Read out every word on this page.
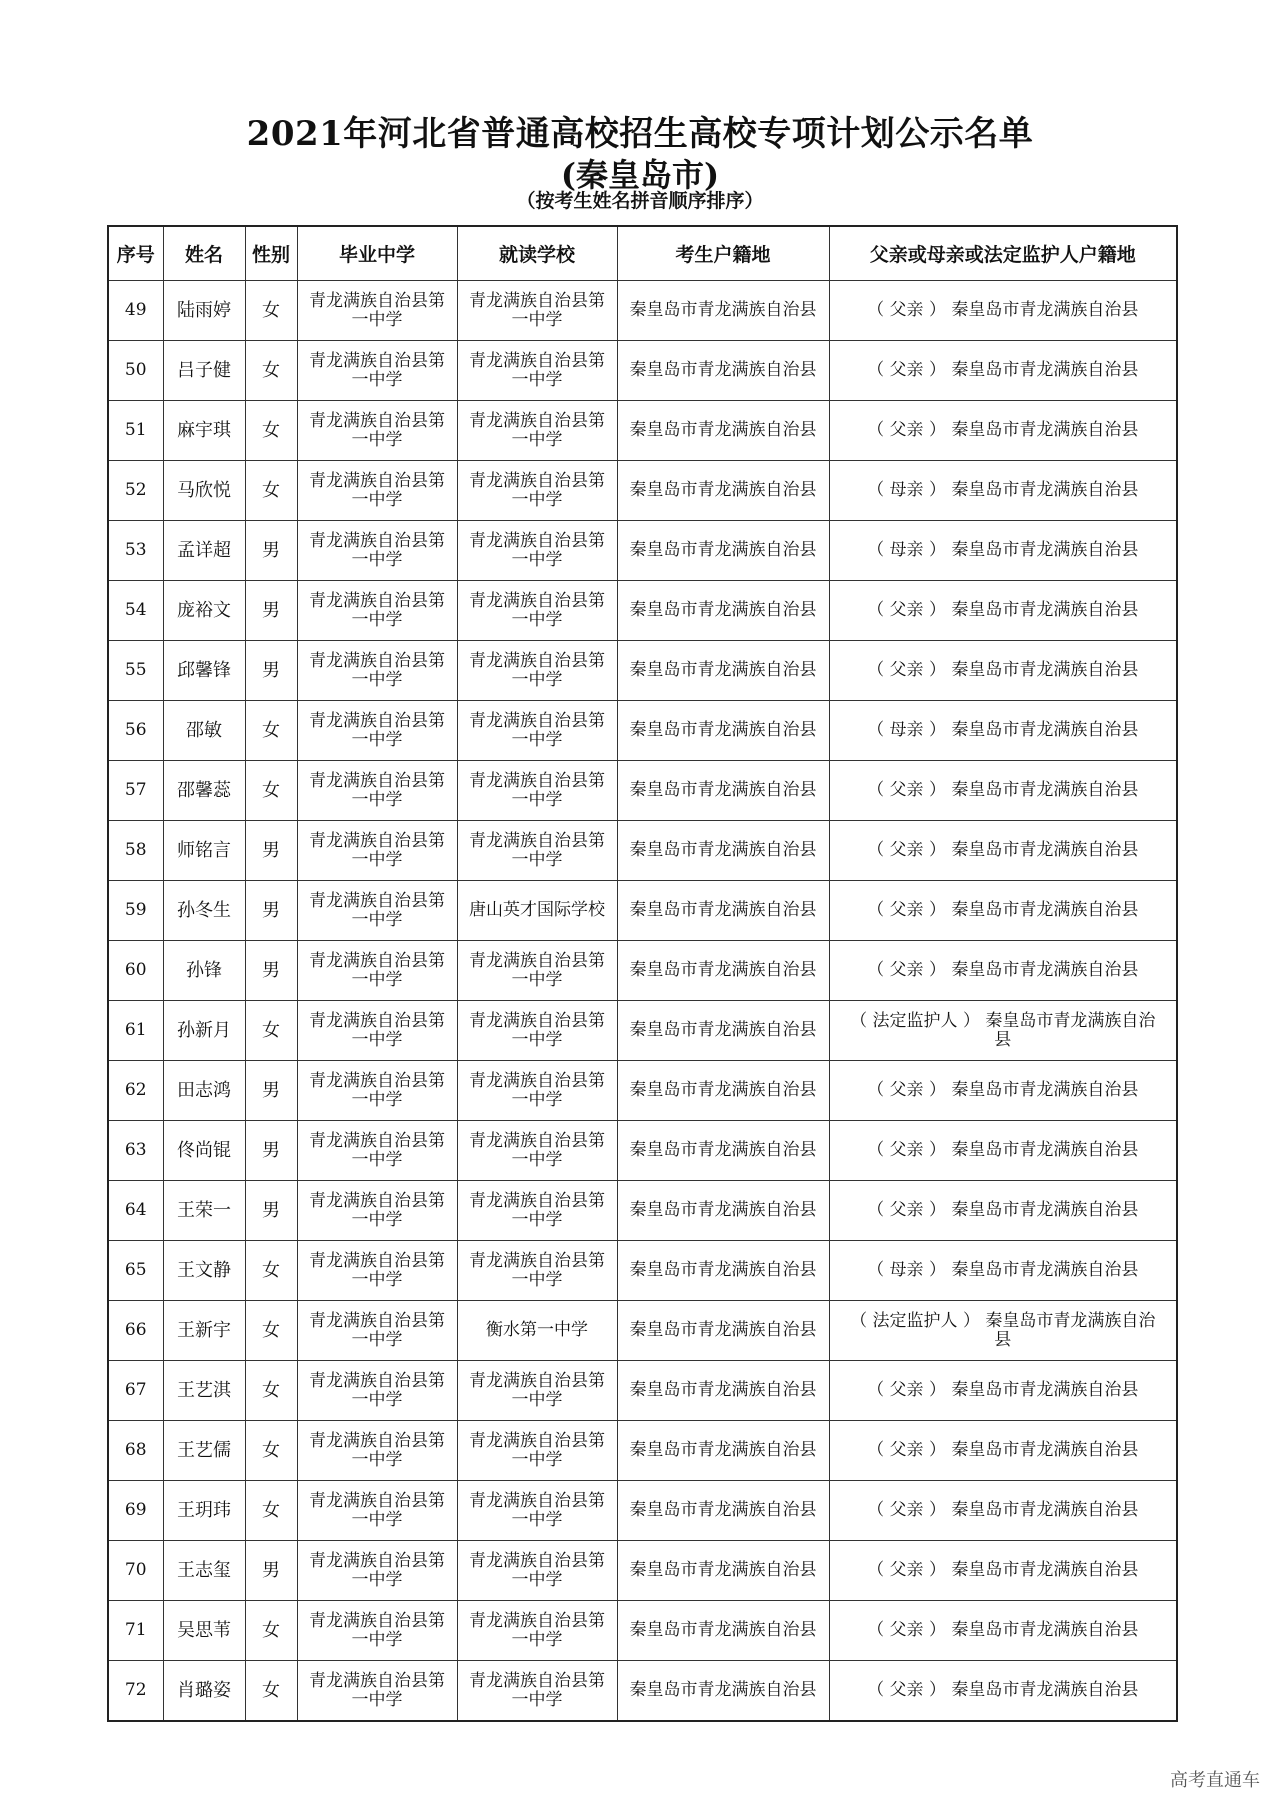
2021年河北省普通高校招生高校专项计划公示名单
(秦皇岛市)
（按考生姓名拼音顺序排序）
序号	姓名	性别	毕业中学	就读学校	考生户籍地	父亲或母亲或法定监护人户籍地
49	陆雨婷	女	青龙满族自治县第一中学	青龙满族自治县第一中学	秦皇岛市青龙满族自治县	（ 父亲 ） 秦皇岛市青龙满族自治县
50	吕子健	女	青龙满族自治县第一中学	青龙满族自治县第一中学	秦皇岛市青龙满族自治县	（ 父亲 ） 秦皇岛市青龙满族自治县
51	麻宇琪	女	青龙满族自治县第一中学	青龙满族自治县第一中学	秦皇岛市青龙满族自治县	（ 父亲 ） 秦皇岛市青龙满族自治县
52	马欣悦	女	青龙满族自治县第一中学	青龙满族自治县第一中学	秦皇岛市青龙满族自治县	（ 母亲 ） 秦皇岛市青龙满族自治县
53	孟详超	男	青龙满族自治县第一中学	青龙满族自治县第一中学	秦皇岛市青龙满族自治县	（ 母亲 ） 秦皇岛市青龙满族自治县
54	庞裕文	男	青龙满族自治县第一中学	青龙满族自治县第一中学	秦皇岛市青龙满族自治县	（ 父亲 ） 秦皇岛市青龙满族自治县
55	邱馨锋	男	青龙满族自治县第一中学	青龙满族自治县第一中学	秦皇岛市青龙满族自治县	（ 父亲 ） 秦皇岛市青龙满族自治县
56	邵敏	女	青龙满族自治县第一中学	青龙满族自治县第一中学	秦皇岛市青龙满族自治县	（ 母亲 ） 秦皇岛市青龙满族自治县
57	邵馨蕊	女	青龙满族自治县第一中学	青龙满族自治县第一中学	秦皇岛市青龙满族自治县	（ 父亲 ） 秦皇岛市青龙满族自治县
58	师铭言	男	青龙满族自治县第一中学	青龙满族自治县第一中学	秦皇岛市青龙满族自治县	（ 父亲 ） 秦皇岛市青龙满族自治县
59	孙冬生	男	青龙满族自治县第一中学	唐山英才国际学校	秦皇岛市青龙满族自治县	（ 父亲 ） 秦皇岛市青龙满族自治县
60	孙锋	男	青龙满族自治县第一中学	青龙满族自治县第一中学	秦皇岛市青龙满族自治县	（ 父亲 ） 秦皇岛市青龙满族自治县
61	孙新月	女	青龙满族自治县第一中学	青龙满族自治县第一中学	秦皇岛市青龙满族自治县	（ 法定监护人 ） 秦皇岛市青龙满族自治县
62	田志鸿	男	青龙满族自治县第一中学	青龙满族自治县第一中学	秦皇岛市青龙满族自治县	（ 父亲 ） 秦皇岛市青龙满族自治县
63	佟尚锟	男	青龙满族自治县第一中学	青龙满族自治县第一中学	秦皇岛市青龙满族自治县	（ 父亲 ） 秦皇岛市青龙满族自治县
64	王荣一	男	青龙满族自治县第一中学	青龙满族自治县第一中学	秦皇岛市青龙满族自治县	（ 父亲 ） 秦皇岛市青龙满族自治县
65	王文静	女	青龙满族自治县第一中学	青龙满族自治县第一中学	秦皇岛市青龙满族自治县	（ 母亲 ） 秦皇岛市青龙满族自治县
66	王新宇	女	青龙满族自治县第一中学	衡水第一中学	秦皇岛市青龙满族自治县	（ 法定监护人 ） 秦皇岛市青龙满族自治县
67	王艺淇	女	青龙满族自治县第一中学	青龙满族自治县第一中学	秦皇岛市青龙满族自治县	（ 父亲 ） 秦皇岛市青龙满族自治县
68	王艺儒	女	青龙满族自治县第一中学	青龙满族自治县第一中学	秦皇岛市青龙满族自治县	（ 父亲 ） 秦皇岛市青龙满族自治县
69	王玥玮	女	青龙满族自治县第一中学	青龙满族自治县第一中学	秦皇岛市青龙满族自治县	（ 父亲 ） 秦皇岛市青龙满族自治县
70	王志玺	男	青龙满族自治县第一中学	青龙满族自治县第一中学	秦皇岛市青龙满族自治县	（ 父亲 ） 秦皇岛市青龙满族自治县
71	吴思苇	女	青龙满族自治县第一中学	青龙满族自治县第一中学	秦皇岛市青龙满族自治县	（ 父亲 ） 秦皇岛市青龙满族自治县
72	肖璐姿	女	青龙满族自治县第一中学	青龙满族自治县第一中学	秦皇岛市青龙满族自治县	（ 父亲 ） 秦皇岛市青龙满族自治县
高考直通车
